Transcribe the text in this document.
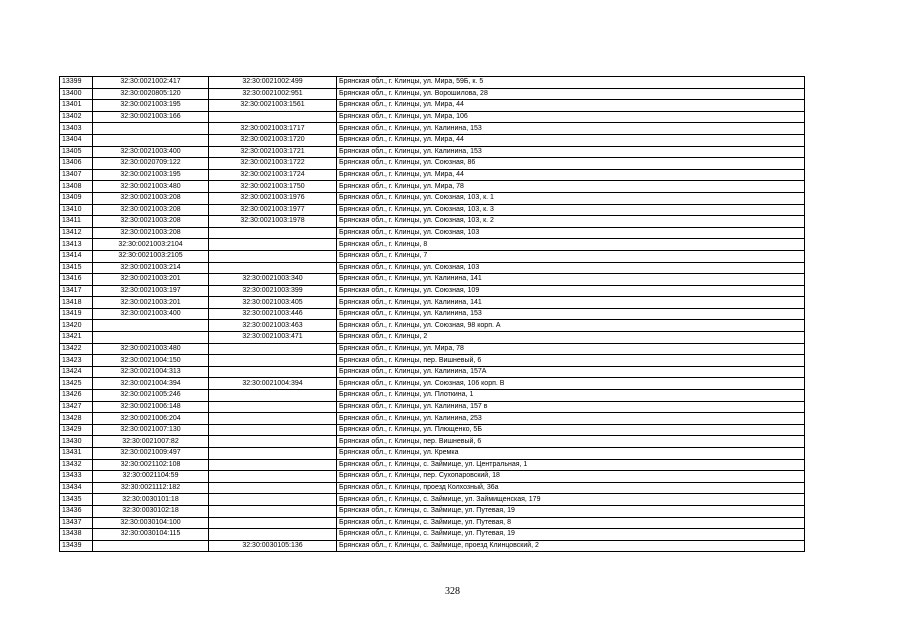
13399	32:30:0021002:417	32:30:0021002:499	Брянская обл., г. Клинцы, ул. Мира, 59Б, к. 5
13400	32:30:0020805:120	32:30:0021002:951	Брянская обл., г. Клинцы, ул. Ворошилова, 28
13401	32:30:0021003:195	32:30:0021003:1561	Брянская обл., г. Клинцы, ул. Мира, 44
13402	32:30:0021003:166		Брянская обл., г. Клинцы, ул. Мира, 106
13403		32:30:0021003:1717	Брянская обл., г. Клинцы, ул. Калинина, 153
13404		32:30:0021003:1720	Брянская обл., г. Клинцы, ул. Мира, 44
13405	32:30:0021003:400	32:30:0021003:1721	Брянская обл., г. Клинцы, ул. Калинина, 153
13406	32:30:0020709:122	32:30:0021003:1722	Брянская обл., г. Клинцы, ул. Союзная, 86
13407	32:30:0021003:195	32:30:0021003:1724	Брянская обл., г. Клинцы, ул. Мира, 44
13408	32:30:0021003:480	32:30:0021003:1750	Брянская обл., г. Клинцы, ул. Мира, 78
13409	32:30:0021003:208	32:30:0021003:1976	Брянская обл., г. Клинцы, ул. Союзная, 103, к. 1
13410	32:30:0021003:208	32:30:0021003:1977	Брянская обл., г. Клинцы, ул. Союзная, 103, к. 3
13411	32:30:0021003:208	32:30:0021003:1978	Брянская обл., г. Клинцы, ул. Союзная, 103, к. 2
13412	32:30:0021003:208		Брянская обл., г. Клинцы, ул. Союзная, 103
13413	32:30:0021003:2104		Брянская обл., г. Клинцы, 8
13414	32:30:0021003:2105		Брянская обл., г. Клинцы, 7
13415	32:30:0021003:214		Брянская обл., г. Клинцы, ул. Союзная, 103
13416	32:30:0021003:201	32:30:0021003:340	Брянская обл., г. Клинцы, ул. Калинина, 141
13417	32:30:0021003:197	32:30:0021003:399	Брянская обл., г. Клинцы, ул. Союзная, 109
13418	32:30:0021003:201	32:30:0021003:405	Брянская обл., г. Клинцы, ул. Калинина, 141
13419	32:30:0021003:400	32:30:0021003:446	Брянская обл., г. Клинцы, ул. Калинина, 153
13420		32:30:0021003:463	Брянская обл., г. Клинцы, ул. Союзная, 98 корп. А
13421		32:30:0021003:471	Брянская обл., г. Клинцы, 2
13422	32:30:0021003:480		Брянская обл., г. Клинцы, ул. Мира, 78
13423	32:30:0021004:150		Брянская обл., г. Клинцы, пер. Вишневый, 6
13424	32:30:0021004:313		Брянская обл., г. Клинцы, ул. Калинина, 157А
13425	32:30:0021004:394	32:30:0021004:394	Брянская обл., г. Клинцы, ул. Союзная, 106 корп. В
13426	32:30:0021005:246		Брянская обл., г. Клинцы, ул. Плоткина, 1
13427	32:30:0021006:148		Брянская обл., г. Клинцы, ул. Калинина, 157 в
13428	32:30:0021006:204		Брянская обл., г. Клинцы, ул. Калинина, 253
13429	32:30:0021007:130		Брянская обл., г. Клинцы, ул. Плющенко, 5Б
13430	32:30:0021007:82		Брянская обл., г. Клинцы, пер. Вишневый, 6
13431	32:30:0021009:497		Брянская обл., г. Клинцы, ул. Кремка
13432	32:30:0021102:108		Брянская обл., г. Клинцы, с. Займище, ул. Центральная, 1
13433	32:30:0021104:59		Брянская обл., г. Клинцы, пер. Сухопаровский, 18
13434	32:30:0021112:182		Брянская обл., г. Клинцы, проезд Колхозный, 36а
13435	32:30:0030101:18		Брянская обл., г. Клинцы, с. Займище, ул. Займищенская, 179
13436	32:30:0030102:18		Брянская обл., г. Клинцы, с. Займище, ул. Путевая, 19
13437	32:30:0030104:100		Брянская обл., г. Клинцы, с. Займище, ул. Путевая, 8
13438	32:30:0030104:115		Брянская обл., г. Клинцы, с. Займище, ул. Путевая, 19
13439		32:30:0030105:136	Брянская обл., г. Клинцы, с. Займище, проезд Клинцовский, 2
328
